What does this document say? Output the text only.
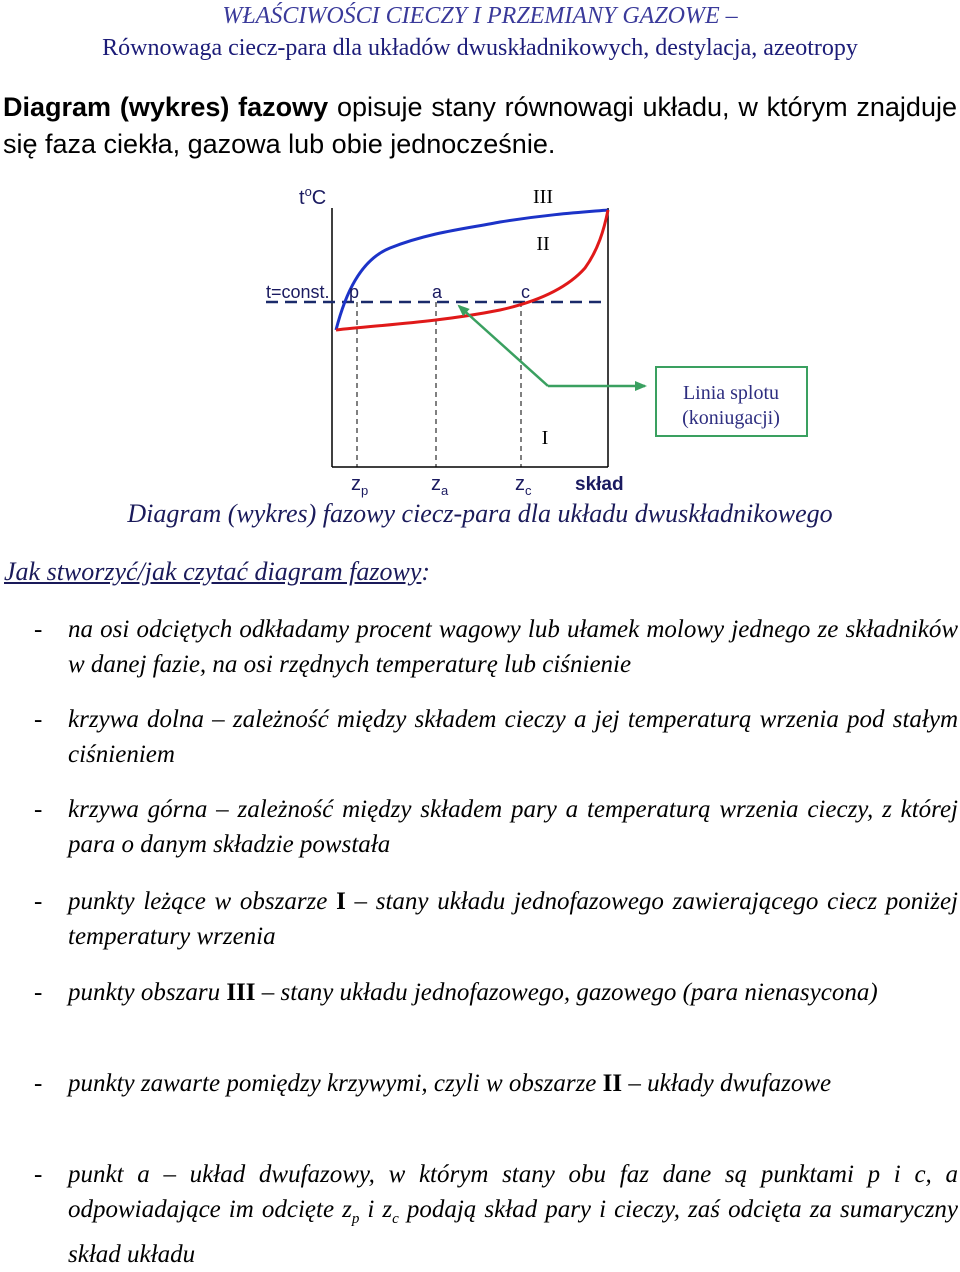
WŁAŚCIWOŚCI CIECZY I PRZEMIANY GAZOWE –
Równowaga ciecz-para dla układów dwuskładnikowych, destylacja, azeotropy

Diagram (wykres) fazowy opisuje stany równowagi układu, w którym znajduje się faza ciekła, gazowa lub obie jednocześnie.

Linia splotu
(koniugacji)
$t^oC$	III
II
I
t=const. p	a	c
$z_p$	$z_a$	$z_c$ skład
Diagram (wykres) fazowy ciecz-para dla układu dwuskładnikowego

Jak stworzyć/jak czytać diagram fazowy:

- na osi odciętych odkładamy procent wagowy lub ułamek molowy jednego ze składników w danej fazie, na osi rzędnych temperaturę lub ciśnienie
- krzywa dolna – zależność między składem cieczy a jej temperaturą wrzenia pod stałym ciśnieniem
- krzywa górna – zależność między składem pary a temperaturą wrzenia cieczy, z której para o danym składzie powstała
- punkty leżące w obszarze I – stany układu jednofazowego zawierającego ciecz poniżej temperatury wrzenia
- punkty obszaru III – stany układu jednofazowego, gazowego (para nienasycona)
- punkty zawarte pomiędzy krzywymi, czyli w obszarze II – układy dwufazowe
- punkt a – układ dwufazowy, w którym stany obu faz dane są punktami p i c, a odpowiadające im odcięte $z_p$ i $z_c$ podają skład pary i cieczy, zaś odcięta za sumaryczny skład układu
